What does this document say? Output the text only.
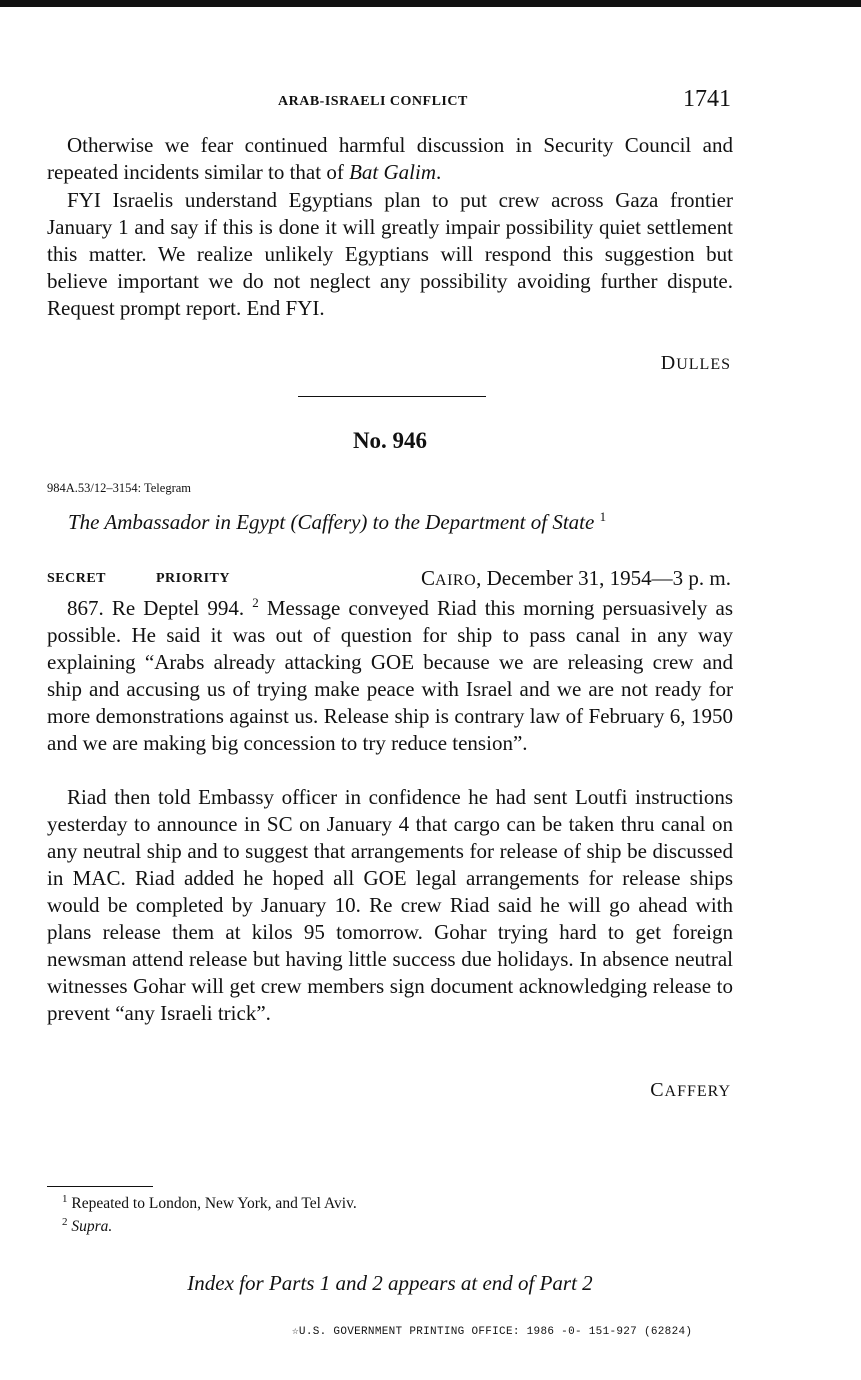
ARAB-ISRAELI CONFLICT	1741

Otherwise we fear continued harmful discussion in Security Council and repeated incidents similar to that of Bat Galim.

FYI Israelis understand Egyptians plan to put crew across Gaza frontier January 1 and say if this is done it will greatly impair possibility quiet settlement this matter. We realize unlikely Egyptians will respond this suggestion but believe important we do not neglect any possibility avoiding further dispute. Request prompt report. End FYI.

DULLES
No. 946
984A.53/12–3154: Telegram
The Ambassador in Egypt (Caffery) to the Department of State $^1$
SECRET	PRIORITY	CAIRO, December 31, 1954—3 p. m.

867. Re Deptel 994. $^2$ Message conveyed Riad this morning persuasively as possible. He said it was out of question for ship to pass canal in any way explaining “Arabs already attacking GOE because we are releasing crew and ship and accusing us of trying make peace with Israel and we are not ready for more demonstrations against us. Release ship is contrary law of February 6, 1950 and we are making big concession to try reduce tension”.

Riad then told Embassy officer in confidence he had sent Loutfi instructions yesterday to announce in SC on January 4 that cargo can be taken thru canal on any neutral ship and to suggest that arrangements for release of ship be discussed in MAC. Riad added he hoped all GOE legal arrangements for release ships would be completed by January 10. Re crew Riad said he will go ahead with plans release them at kilos 95 tomorrow. Gohar trying hard to get foreign newsman attend release but having little success due holidays. In absence neutral witnesses Gohar will get crew members sign document acknowledging release to prevent “any Israeli trick”.

CAFFERY
$^1$ Repeated to London, New York, and Tel Aviv.
$^2$ Supra.
Index for Parts 1 and 2 appears at end of Part 2
☆U.S. GOVERNMENT PRINTING OFFICE: 1986 -0- 151-927 (62824)
